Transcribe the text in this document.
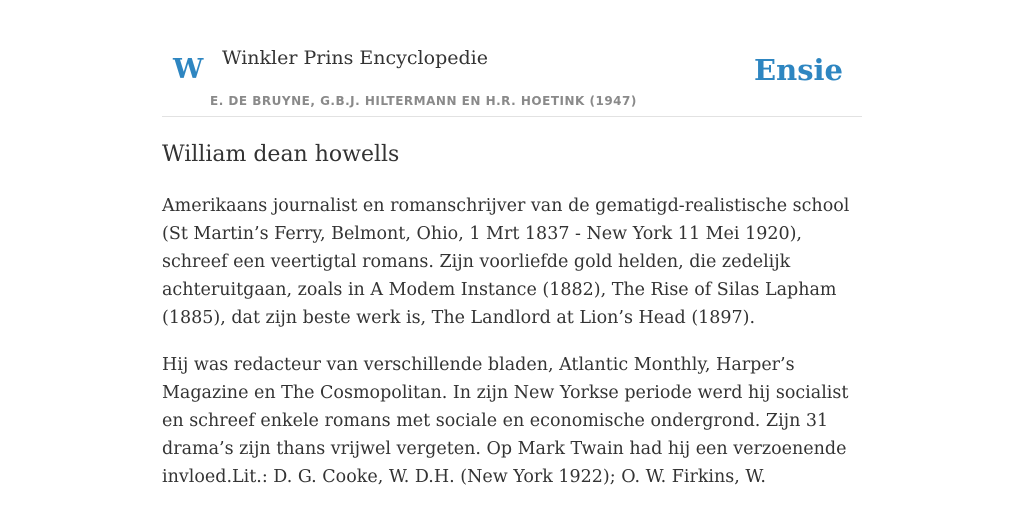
W Winkler Prins Encyclopedie
E. DE BRUYNE, G.B.J. HILTERMANN EN H.R. HOETINK (1947)
Ensie
William dean howells

Amerikaans journalist en romanschrijver van de gematigd-realistische school (St Martin’s Ferry, Belmont, Ohio, 1 Mrt 1837 - New York 11 Mei 1920), schreef een veertigtal romans. Zijn voorliefde gold helden, die zedelijk achteruitgaan, zoals in A Modem Instance (1882), The Rise of Silas Lapham (1885), dat zijn beste werk is, The Landlord at Lion’s Head (1897).

Hij was redacteur van verschillende bladen, Atlantic Monthly, Harper’s Magazine en The Cosmopolitan. In zijn New Yorkse periode werd hij socialist en schreef enkele romans met sociale en economische ondergrond. Zijn 31 drama’s zijn thans vrijwel vergeten. Op Mark Twain had hij een verzoenende invloed.Lit.: D. G. Cooke, W. D.H. (New York 1922); O. W. Firkins, W.
